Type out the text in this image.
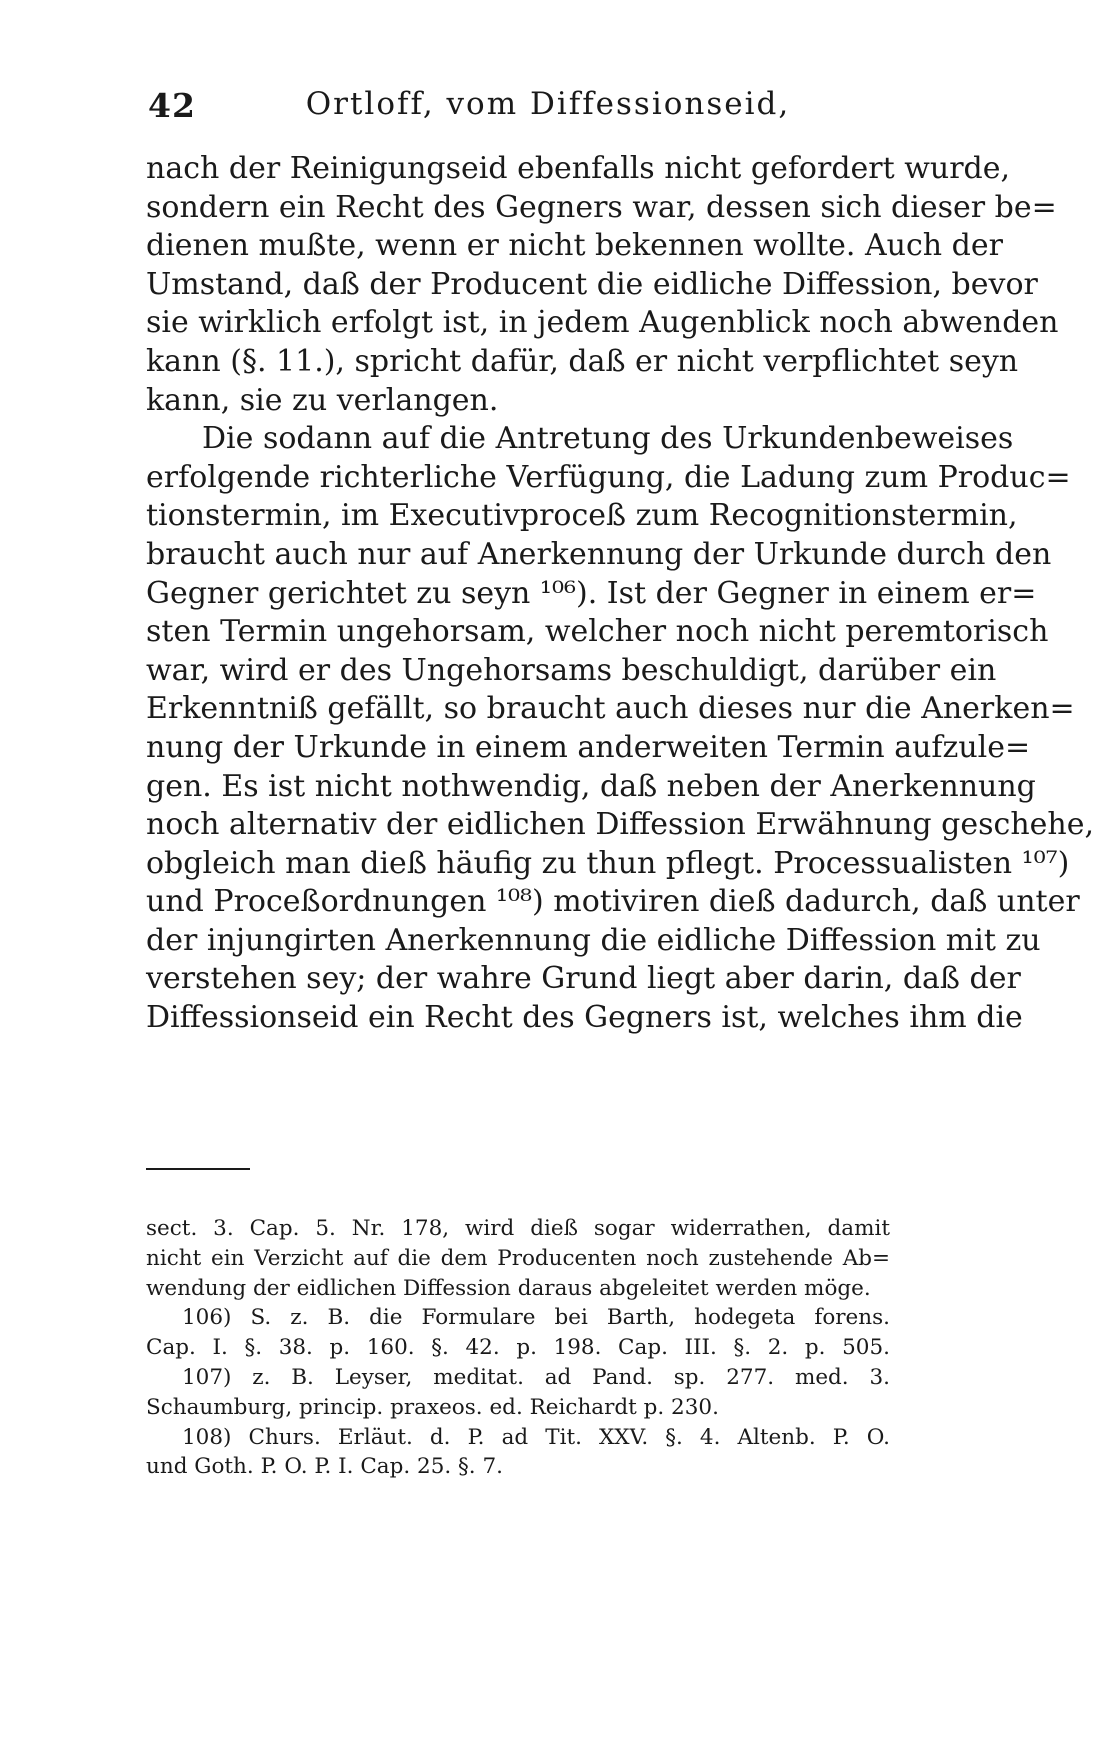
42	Ortloff, vom Diffessionseid,
nach der Reinigungseid ebenfalls nicht gefordert wurde,
sondern ein Recht des Gegners war, dessen sich dieser be=
dienen mußte, wenn er nicht bekennen wollte. Auch der
Umstand, daß der Producent die eidliche Diffession, bevor
sie wirklich erfolgt ist, in jedem Augenblick noch abwenden
kann (§. 11.), spricht dafür, daß er nicht verpflichtet seyn
kann, sie zu verlangen.
Die sodann auf die Antretung des Urkundenbeweises
erfolgende richterliche Verfügung, die Ladung zum Produc=
tionstermin, im Executivproceß zum Recognitionstermin,
braucht auch nur auf Anerkennung der Urkunde durch den
Gegner gerichtet zu seyn ¹⁰⁶). Ist der Gegner in einem er=
sten Termin ungehorsam, welcher noch nicht peremtorisch
war, wird er des Ungehorsams beschuldigt, darüber ein
Erkenntniß gefällt, so braucht auch dieses nur die Anerken=
nung der Urkunde in einem anderweiten Termin aufzule=
gen. Es ist nicht nothwendig, daß neben der Anerkennung
noch alternativ der eidlichen Diffession Erwähnung geschehe,
obgleich man dieß häufig zu thun pflegt. Processualisten ¹⁰⁷)
und Proceßordnungen ¹⁰⁸) motiviren dieß dadurch, daß unter
der injungirten Anerkennung die eidliche Diffession mit zu
verstehen sey; der wahre Grund liegt aber darin, daß der
Diffessionseid ein Recht des Gegners ist, welches ihm die
sect. 3. Cap. 5. Nr. 178, wird dieß sogar widerrathen, damit
nicht ein Verzicht auf die dem Producenten noch zustehende Ab=
wendung der eidlichen Diffession daraus abgeleitet werden möge.
106) S. z. B. die Formulare bei Barth, hodegeta forens.
Cap. I. §. 38. p. 160. §. 42. p. 198. Cap. III. §. 2. p. 505.
107) z. B. Leyser, meditat. ad Pand. sp. 277. med. 3.
Schaumburg, princip. praxeos. ed. Reichardt p. 230.
108) Churs. Erläut. d. P. ad Tit. XXV. §. 4. Altenb. P. O.
und Goth. P. O. P. I. Cap. 25. §. 7.
